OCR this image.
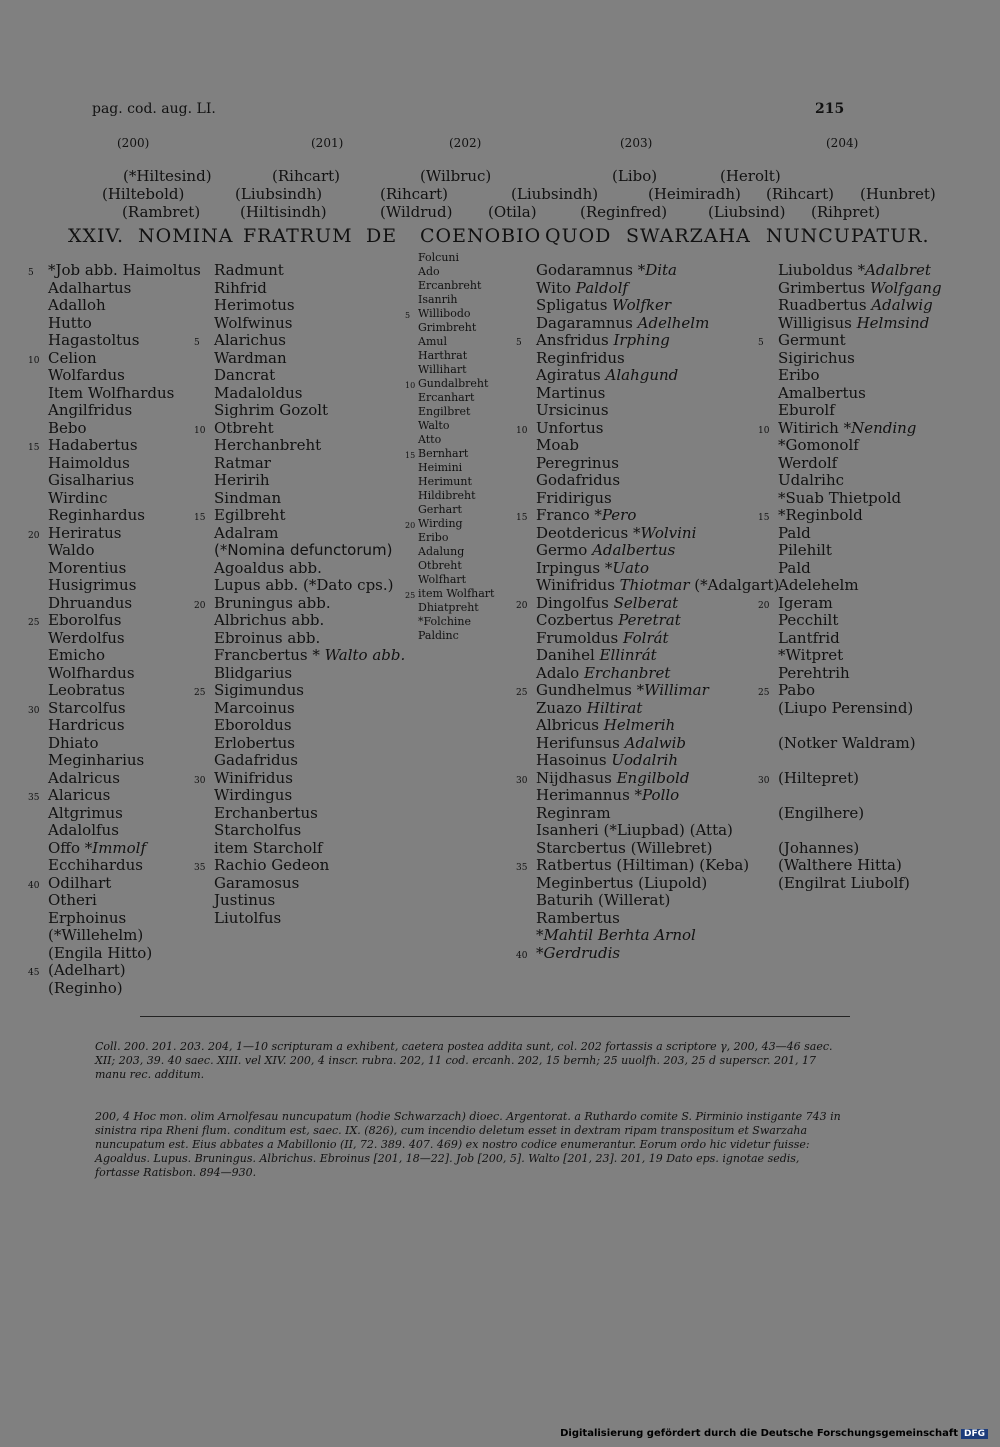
pag. cod. aug. LI.	215
(200)	(201)	(202)	(203)	(204)
(*Hiltesind)	(Rihcart)	(Wilbruc)	(Libo)	(Herolt)
(Hiltebold)	(Liubsindh)	(Rihcart)	(Liubsindh)	(Heimiradh) (Rihcart) (Hunbret)
(Rambret)	(Hiltisindh)	(Wildrud) (Otila)	(Reginfred)	(Liubsind) (Rihpret)
XXIV. NOMINA FRATRUM DE COENOBIO QUOD SWARZAHA NUNCUPATUR.
*Job abb. Haimoltus
5
Adalhartus
Adalloh
Hutto
Hagastoltus
Celion
10
Wolfardus
Item Wolfhardus
Angilfridus
Bebo
Hadabertus
15
Haimoldus
Gisalharius
Wirdinc
Reginhardus
Heriratus
20
Waldo
Morentius
Husigrimus
Dhruandus
Eborolfus
25
Werdolfus
Emicho
Wolfhardus
Leobratus
Starcolfus
30
Hardricus
Dhiato
Meginharius
Adalricus
Alaricus
35
Altgrimus
Adalolfus
Offo *Immolf
Ecchihardus
Odilhart
40
Otheri
Erphoinus
(*Willehelm)
(Engila Hitto)
(Adelhart)
45
(Reginho)
Radmunt
Rihfrid
Herimotus
Wolfwinus
Alarichus
5
Wardman
Dancrat
Madaloldus
Sighrim Gozolt
Otbreht
10
Herchanbreht
Ratmar
Heririh
Sindman
Egilbreht
15
Adalram
(*Nomina defunctorum)
Agoaldus abb.
Lupus abb. (*Dato cps.)
Bruningus abb.
20
Albrichus abb.
Ebroinus abb.
Francbertus * Walto abb.
Blidgarius
Sigimundus
25
Marcoinus
Eboroldus
Erlobertus
Gadafridus
Winifridus
30
Wirdingus
Erchanbertus
Starcholfus
item Starcholf
Rachio Gedeon
35
Garamosus
Justinus
Liutolfus
Folcuni
Ado
Ercanbreht
Isanrih
Willibodo
5
Grimbreht
Amul
Harthrat
Willihart
Gundalbreht
10
Ercanhart
Engilbret
Walto
Atto
Bernhart
15
Heimini
Herimunt
Hildibreht
Gerhart
Wirding
20
Eribo
Adalung
Otbreht
Wolfhart
item Wolfhart
25
Dhiatpreht
*Folchine
Paldinc
Godaramnus *Dita
Wito Paldolf
Spligatus Wolfker
Dagaramnus Adelhelm
Ansfridus Irphing
5
Reginfridus
Agiratus Alahgund
Martinus
Ursicinus
Unfortus
10
Moab
Peregrinus
Godafridus
Fridirigus
Franco *Pero
15
Deotdericus *Wolvini
Germo Adalbertus
Irpingus *Uato
Winifridus Thiotmar (*Adalgart)
Dingolfus Selberat
20
Cozbertus Peretrat
Frumoldus Folrát
Danihel Ellinrát
Adalo Erchanbret
Gundhelmus *Willimar
25
Zuazo Hiltirat
Albricus Helmerih
Herifunsus Adalwib
Hasoinus Uodalrih
Nijdhasus Engilbold
30
Herimannus *Pollo
Reginram
Isanheri (*Liupbad) (Atta)
Starcbertus (Willebret)
Ratbertus (Hiltiman) (Keba)
35
Meginbertus (Liupold)
Baturih (Willerat)
Rambertus
*Mahtil Berhta Arnol
*Gerdrudis
40
Liuboldus *Adalbret
Grimbertus Wolfgang
Ruadbertus Adalwig
Willigisus Helmsind
Germunt
5
Sigirichus
Eribo
Amalbertus
Eburolf
Witirich *Nending
10
*Gomonolf
Werdolf
Udalrihc
*Suab Thietpold
*Reginbold
15
Pald
Pilehilt
Pald
Adelehelm
Igeram
20
Pecchilt
Lantfrid
*Witpret
Perehtrih
Pabo
25
(Liupo Perensind)
(Notker Waldram)
(Hiltepret)
30
(Engilhere)
(Johannes)
(Walthere Hitta)
(Engilrat Liubolf)
Coll. 200. 201. 203. 204, 1—10 scripturam a exhibent, caetera postea addita sunt, col. 202 fortassis a scriptore γ, 200, 43—46 saec. XII; 203, 39. 40 saec. XIII. vel XIV. 200, 4 inscr. rubra. 202, 11 cod. ercanh. 202, 15 bernh; 25 uuolfh. 203, 25 d superscr. 201, 17 manu rec. additum.
200, 4 Hoc mon. olim Arnolfesau nuncupatum (hodie Schwarzach) dioec. Argentorat. a Ruthardo comite S. Pirminio instigante 743 in sinistra ripa Rheni flum. conditum est, saec. IX. (826), cum incendio deletum esset in dextram ripam transpositum et Swarzaha nuncupatum est. Eius abbates a Mabillonio (II, 72. 389. 407. 469) ex nostro codice enumerantur. Eorum ordo hic videtur fuisse: Agoaldus. Lupus. Bruningus. Albrichus. Ebroinus [201, 18—22]. Job [200, 5]. Walto [201, 23]. 201, 19 Dato eps. ignotae sedis, fortasse Ratisbon. 894—930.
Digitalisierung gefördert durch die Deutsche Forschungsgemeinschaft DFG
